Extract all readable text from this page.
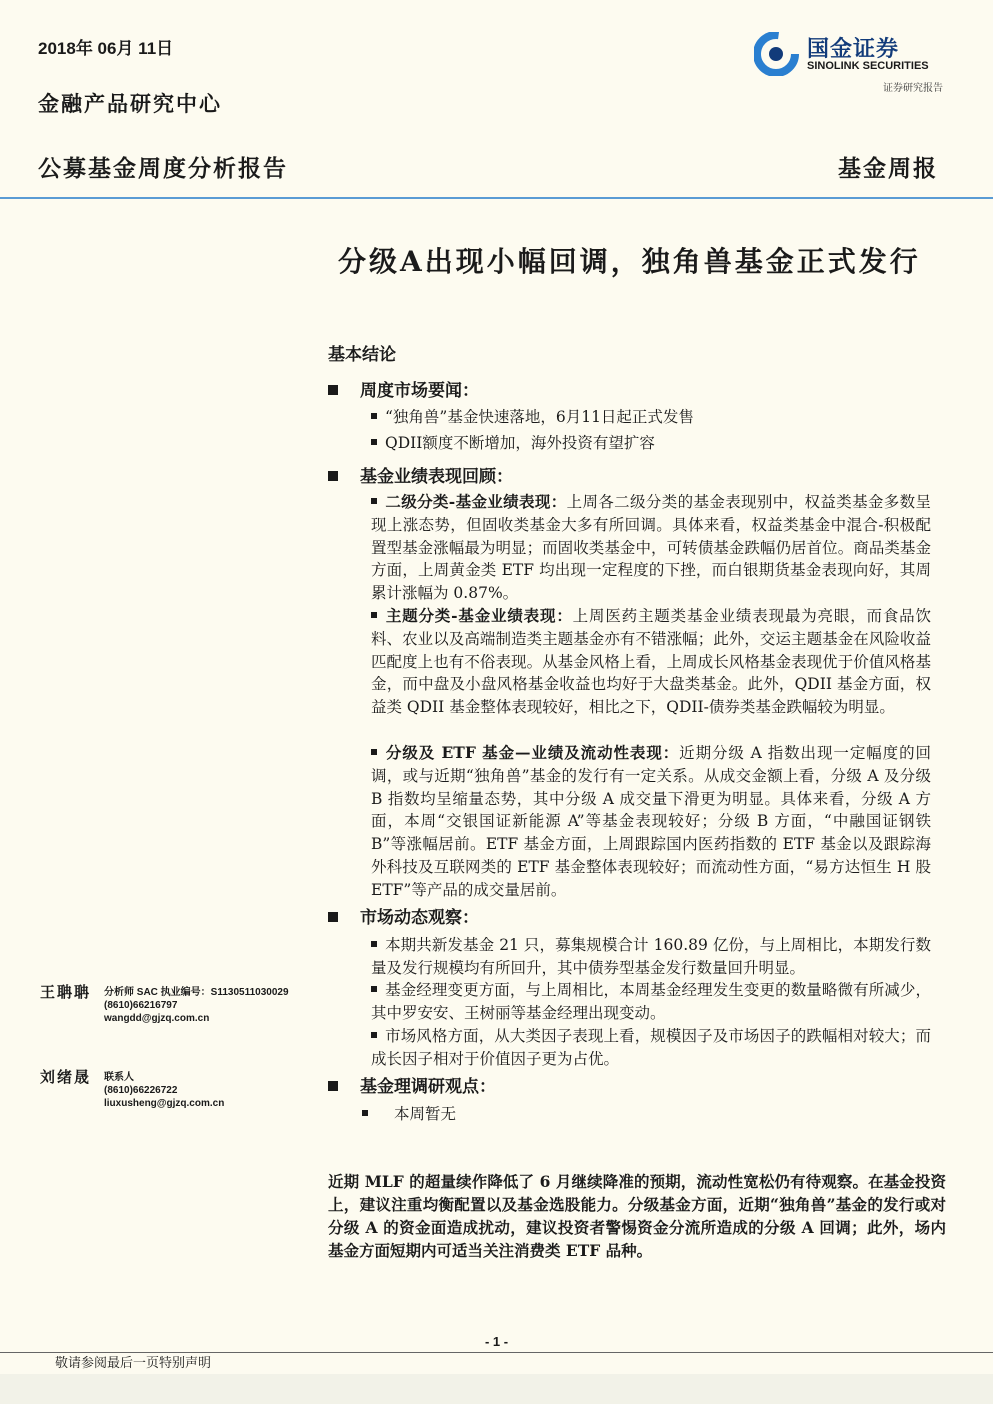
2018年 06月 11日
金融产品研究中心
公募基金周度分析报告	基金周报
国金证券
SINOLINK SECURITIES
证券研究报告
分级A出现小幅回调，独角兽基金正式发行
基本结论
周度市场要闻：
“独角兽”基金快速落地，6月11日起正式发售
QDII额度不断增加，海外投资有望扩容
基金业绩表现回顾：
二级分类-基金业绩表现：上周各二级分类的基金表现别中，权益类基金多数呈现上涨态势，但固收类基金大多有所回调。具体来看，权益类基金中混合-积极配置型基金涨幅最为明显；而固收类基金中，可转债基金跌幅仍居首位。商品类基金方面，上周黄金类 ETF 均出现一定程度的下挫，而白银期货基金表现向好，其周累计涨幅为 0.87%。
主题分类-基金业绩表现：上周医药主题类基金业绩表现最为亮眼，而食品饮料、农业以及高端制造类主题基金亦有不错涨幅；此外，交运主题基金在风险收益匹配度上也有不俗表现。从基金风格上看，上周成长风格基金表现优于价值风格基金，而中盘及小盘风格基金收益也均好于大盘类基金。此外，QDII 基金方面，权益类 QDII 基金整体表现较好，相比之下，QDII-债券类基金跌幅较为明显。
分级及 ETF 基金—业绩及流动性表现：近期分级 A 指数出现一定幅度的回调，或与近期“独角兽”基金的发行有一定关系。从成交金额上看，分级 A 及分级 B 指数均呈缩量态势，其中分级 A 成交量下滑更为明显。具体来看，分级 A 方面，本周“交银国证新能源 A”等基金表现较好；分级 B 方面，“中融国证钢铁 B”等涨幅居前。ETF 基金方面，上周跟踪国内医药指数的 ETF 基金以及跟踪海外科技及互联网类的 ETF 基金整体表现较好；而流动性方面，“易方达恒生 H 股 ETF”等产品的成交量居前。
市场动态观察：
本期共新发基金 21 只，募集规模合计 160.89 亿份，与上周相比，本期发行数量及发行规模均有所回升，其中债券型基金发行数量回升明显。
基金经理变更方面，与上周相比，本周基金经理发生变更的数量略微有所减少，其中罗安安、王树丽等基金经理出现变动。
市场风格方面，从大类因子表现上看，规模因子及市场因子的跌幅相对较大；而成长因子相对于价值因子更为占优。
基金理调研观点：
本周暂无
王聃聃 分析师 SAC 执业编号：S1130511030029
(8610)66216797
wangdd@gjzq.com.cn
刘绪晟 联系人
(8610)66226722
liuxusheng@gjzq.com.cn
近期 MLF 的超量续作降低了 6 月继续降准的预期，流动性宽松仍有待观察。在基金投资上，建议注重均衡配置以及基金选股能力。分级基金方面，近期“独角兽”基金的发行或对分级 A 的资金面造成扰动，建议投资者警惕资金分流所造成的分级 A 回调；此外，场内基金方面短期内可适当关注消费类 ETF 品种。
- 1 -
敬请参阅最后一页特别声明
